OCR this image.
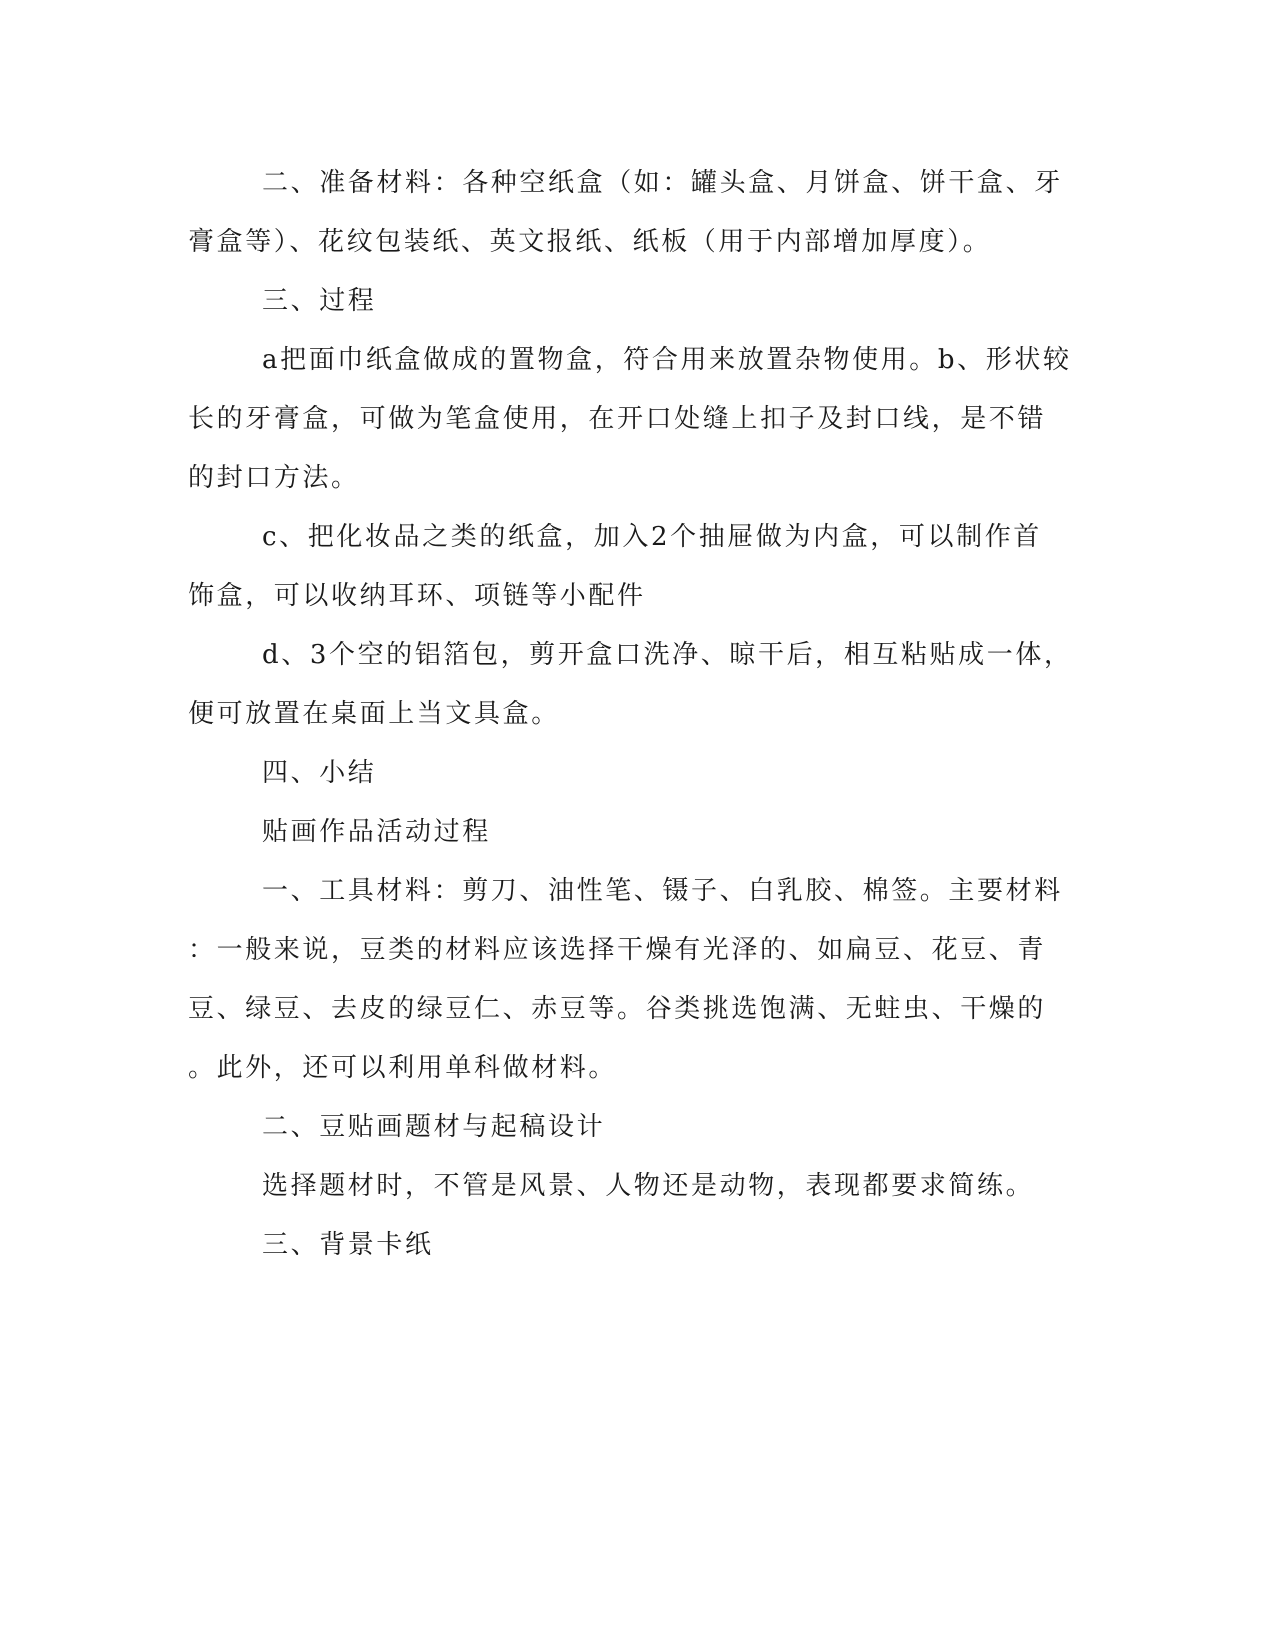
二、准备材料：各种空纸盒（如：罐头盒、月饼盒、饼干盒、牙
膏盒等）、花纹包装纸、英文报纸、纸板（用于内部增加厚度）。
三、过程
a把面巾纸盒做成的置物盒，符合用来放置杂物使用。b、形状较
长的牙膏盒，可做为笔盒使用，在开口处缝上扣子及封口线，是不错
的封口方法。
c、把化妆品之类的纸盒，加入2个抽屉做为内盒，可以制作首
饰盒，可以收纳耳环、项链等小配件
d、3个空的铝箔包，剪开盒口洗净、晾干后，相互粘贴成一体，
便可放置在桌面上当文具盒。
四、小结
贴画作品活动过程
一、工具材料：剪刀、油性笔、镊子、白乳胶、棉签。主要材料
：一般来说，豆类的材料应该选择干燥有光泽的、如扁豆、花豆、青
豆、绿豆、去皮的绿豆仁、赤豆等。谷类挑选饱满、无蛀虫、干燥的
。此外，还可以利用单科做材料。
二、豆贴画题材与起稿设计
选择题材时，不管是风景、人物还是动物，表现都要求简练。
三、背景卡纸
